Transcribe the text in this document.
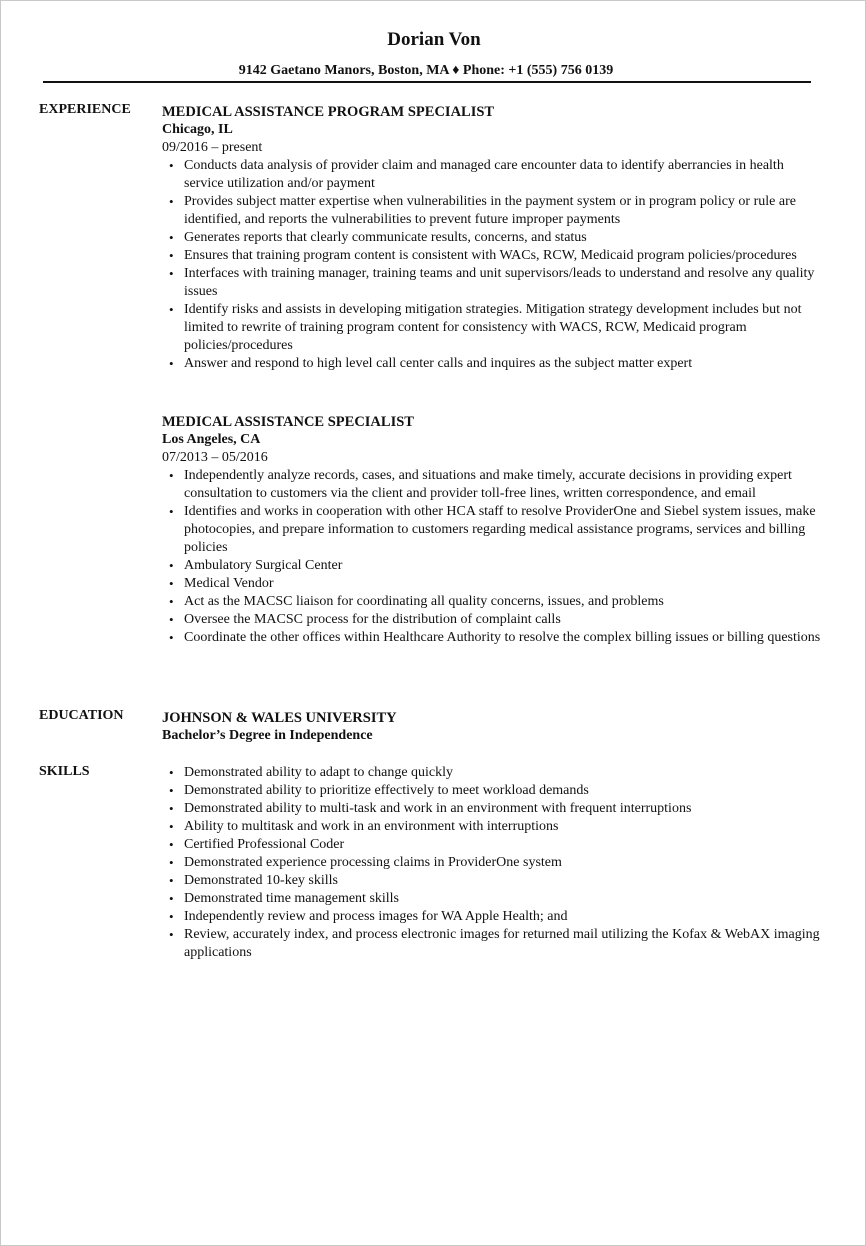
Dorian Von
9142 Gaetano Manors, Boston, MA ♦ Phone: +1 (555) 756 0139
EXPERIENCE MEDICAL ASSISTANCE PROGRAM SPECIALIST
Chicago, IL
09/2016 – present
• Conducts data analysis of provider claim and managed care encounter data to identify aberrancies in health service utilization and/or payment
• Provides subject matter expertise when vulnerabilities in the payment system or in program policy or rule are identified, and reports the vulnerabilities to prevent future improper payments
• Generates reports that clearly communicate results, concerns, and status
• Ensures that training program content is consistent with WACs, RCW, Medicaid program policies/procedures
• Interfaces with training manager, training teams and unit supervisors/leads to understand and resolve any quality issues
• Identify risks and assists in developing mitigation strategies. Mitigation strategy development includes but not limited to rewrite of training program content for consistency with WACS, RCW, Medicaid program policies/procedures
• Answer and respond to high level call center calls and inquires as the subject matter expert
MEDICAL ASSISTANCE SPECIALIST
Los Angeles, CA
07/2013 – 05/2016
• Independently analyze records, cases, and situations and make timely, accurate decisions in providing expert consultation to customers via the client and provider toll-free lines, written correspondence, and email
• Identifies and works in cooperation with other HCA staff to resolve ProviderOne and Siebel system issues, make photocopies, and prepare information to customers regarding medical assistance programs, services and billing policies
• Ambulatory Surgical Center
• Medical Vendor
• Act as the MACSC liaison for coordinating all quality concerns, issues, and problems
• Oversee the MACSC process for the distribution of complaint calls
• Coordinate the other offices within Healthcare Authority to resolve the complex billing issues or billing questions
EDUCATION	JOHNSON & WALES UNIVERSITY
Bachelor’s Degree in Independence
SKILLS
•	Demonstrated ability to adapt to change quickly
• Demonstrated ability to prioritize effectively to meet workload demands
• Demonstrated ability to multi-task and work in an environment with frequent interruptions
• Ability to multitask and work in an environment with interruptions
• Certified Professional Coder
• Demonstrated experience processing claims in ProviderOne system
• Demonstrated 10-key skills
• Demonstrated time management skills
• Independently review and process images for WA Apple Health; and
• Review, accurately index, and process electronic images for returned mail utilizing the Kofax & WebAX imaging applications
